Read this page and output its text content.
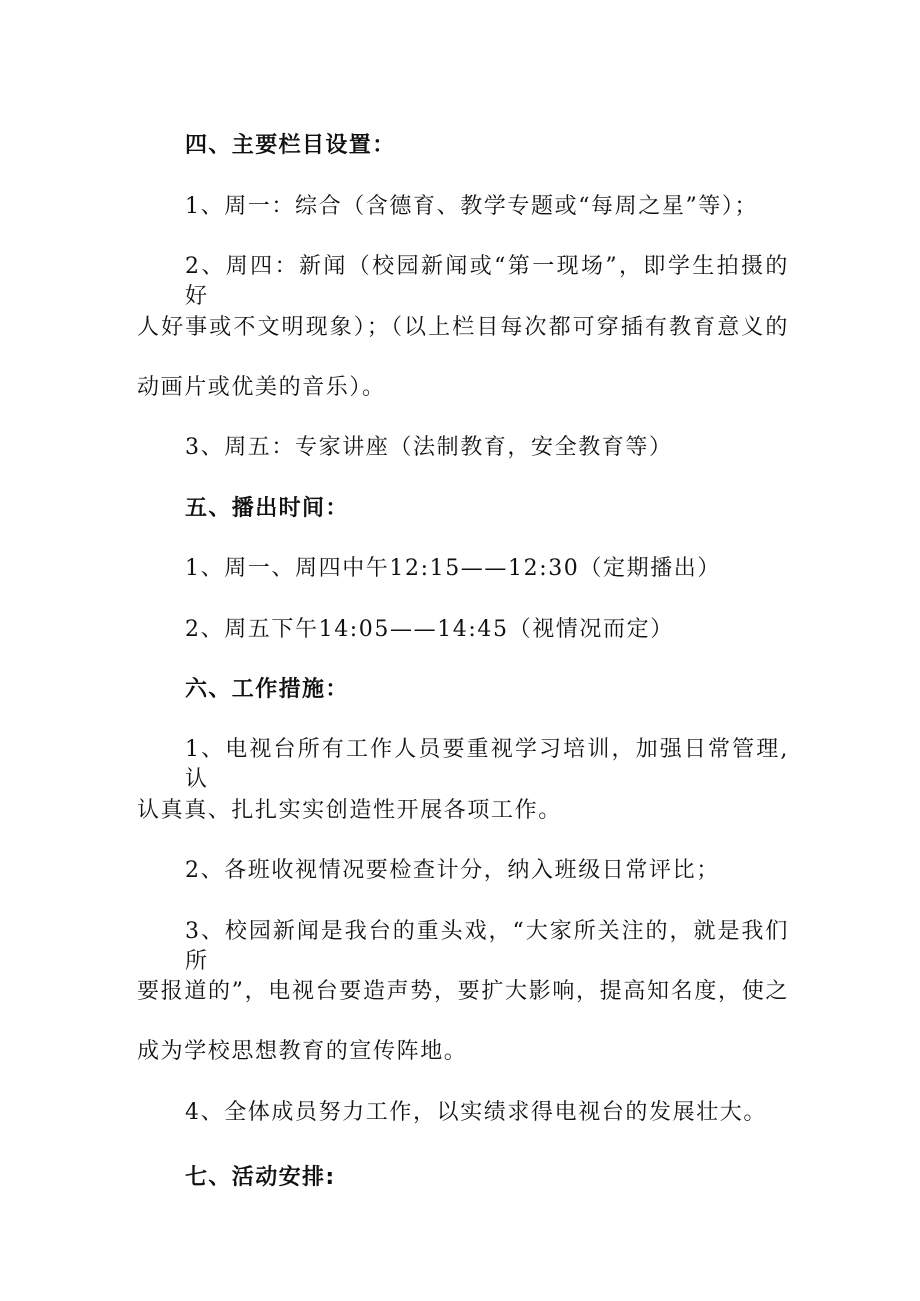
四、主要栏目设置：
1、周一：综合（含德育、教学专题或“每周之星”等）；
2、周四：新闻（校园新闻或“第一现场”，即学生拍摄的好
人好事或不文明现象）；（以上栏目每次都可穿插有教育意义的
动画片或优美的音乐）。
3、周五：专家讲座（法制教育，安全教育等）
五、播出时间：
1、周一、周四中午12:15——12:30（定期播出）
2、周五下午14:05——14:45（视情况而定）
六、工作措施：
1、电视台所有工作人员要重视学习培训，加强日常管理,认
认真真、扎扎实实创造性开展各项工作。
2、各班收视情况要检查计分，纳入班级日常评比；
3、校园新闻是我台的重头戏，“大家所关注的，就是我们所
要报道的”，电视台要造声势，要扩大影响，提高知名度，使之
成为学校思想教育的宣传阵地。
4、全体成员努力工作，以实绩求得电视台的发展壮大。
七、活动安排:
